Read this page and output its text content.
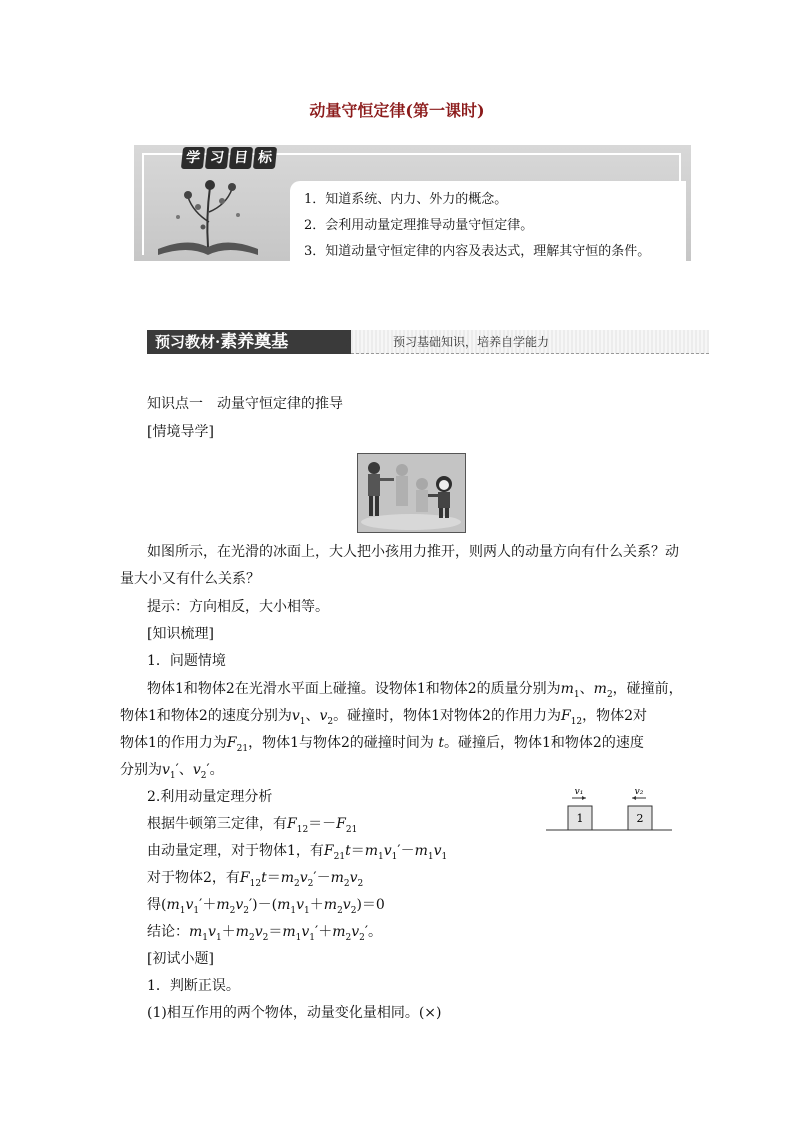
动量守恒定律(第一课时)
学 习 目 标
1．知道系统、内力、外力的概念。
2．会利用动量定理推导动量守恒定律。
3．知道动量守恒定律的内容及表达式，理解其守恒的条件。
预习教材·素养奠基	预习基础知识，培养自学能力
知识点一　动量守恒定律的推导
[情境导学]
如图所示，在光滑的冰面上，大人把小孩用力推开，则两人的动量方向有什么关系？动
量大小又有什么关系？
提示：方向相反，大小相等。
[知识梳理]
1．问题情境
物体1和物体2在光滑水平面上碰撞。设物体1和物体2的质量分别为$m_1$、$m_2$，碰撞前，
物体1和物体2的速度分别为$v_1$、$v_2$。碰撞时，物体1对物体2的作用力为$F_{12}$，物体2对
物体1的作用力为$F_{21}$，物体1与物体2的碰撞时间为 t。碰撞后，物体1和物体2的速度
分别为$v_1'$、$v_2'$。
2.利用动量定理分析
根据牛顿第三定律，有$F_{12}=-F_{21}$
由动量定理，对于物体1，有$F_{21}t=m_1v_1'-m_1v_1$
对于物体2，有$F_{12}t=m_2v_2'-m_2v_2$
得$(m_1v_1'+m_2v_2')-(m_1v_1+m_2v_2)=0$
结论：$m_1v_1+m_2v_2=m_1v_1'+m_2v_2'$。
[初试小题]
1．判断正误。
(1)相互作用的两个物体，动量变化量相同。(×)
1	2
v₁	v₂
